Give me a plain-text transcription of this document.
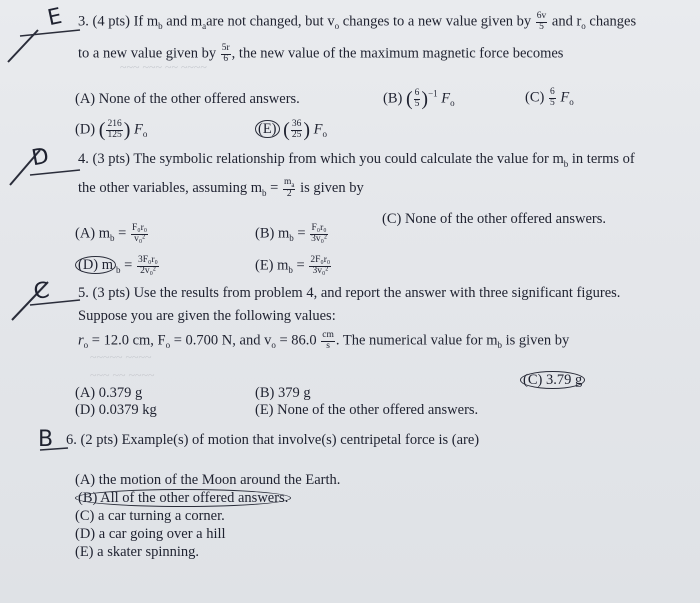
~~~ ~~~ ~~ ~~~~
~~~~~ ~~~~
~~~ ~~ ~~~~
3. (4 pts) If $m_b$ and $m_aare$ not changed, but $v_o$ changes to a new value given by $\frac{6v}{5}$ and $r_o$ changes
to a new value given by $\frac{5r}{6}$ , the new value of the maximum magnetic force becomes
(A) None of the other offered answers.	(B) ( $\frac{6}{5} )^{-1}$ $F_o$	$(C) \frac{6}{5} F_o$
(D) ( $\frac{216}{125}$ ) $F_o$	(E) ( $\frac{36}{25}$ ) $F_o$
4. (3 pts) The symbolic relationship from which you could calculate the value for $m_b$ in terms of
the other variables, assuming $m_b = \frac{m_a}{2}$ is given by
(A) $m_b = \frac{\text{F₀r₀}}{\text{v₀²}}$	(B) $m_b = \frac{\text{F₀r₀}}{\text{3v₀²}}$
(C) None of the other offered answers.
(D) m $_b = \frac{\text{3F₀r₀}}{\text{2v₀²}}$	(E) $m_b = \frac{\text{2F₀r₀}}{\text{3v₀²}}$
5. (3 pts) Use the results from problem 4, and report the answer with three significant figures.
Suppose you are given the following values:
$r_o = 12.0$ cm, $F_o = 0.700$ N, and $v_o = 86.0 \frac{cm}{s}$ . The numerical value for $m_b$ is given by
(A) 0.379 g	(B) 379 g
(C) 3.79 g
(D) 0.0379 kg	(E) None of the other offered answers.
6. (2 pts) Example(s) of motion that involve(s) centripetal force is (are)
(A) the motion of the Moon around the Earth.
(B) All of the other offered answers.
(C) a car turning a corner.
(D) a car going over a hill
(E) a skater spinning.
E
D
C
B
